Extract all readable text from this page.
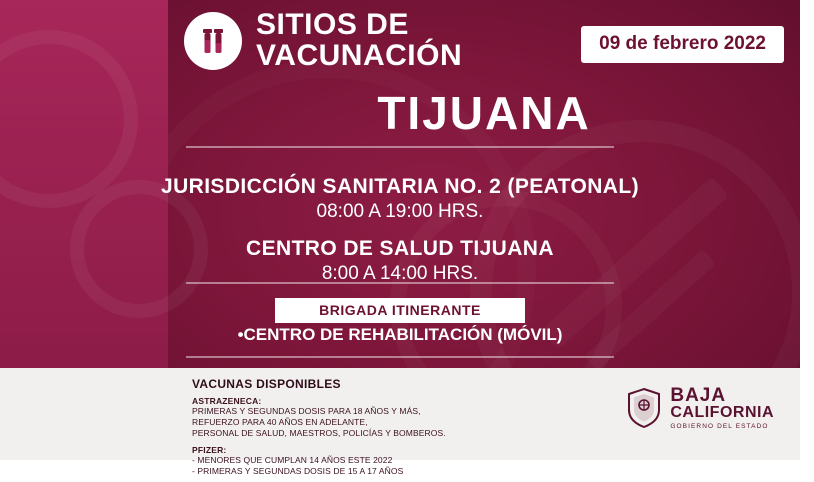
SITIOS DE
VACUNACIÓN	09 de febrero 2022
TIJUANA
JURISDICCIÓN SANITARIA NO. 2 (PEATONAL)
08:00 A 19:00 HRS.
CENTRO DE SALUD TIJUANA
8:00 A 14:00 HRS.
BRIGADA ITINERANTE
•CENTRO DE REHABILITACIÓN (MÓVIL)
VACUNAS DISPONIBLES
ASTRAZENECA:
PRIMERAS Y SEGUNDAS DOSIS PARA 18 AÑOS Y MÁS,
REFUERZO PARA 40 AÑOS EN ADELANTE,
PERSONAL DE SALUD, MAESTROS, POLICÍAS Y BOMBEROS.
PFIZER:
- MENORES QUE CUMPLAN 14 AÑOS ESTE 2022
- PRIMERAS Y SEGUNDAS DOSIS DE 15 A 17 AÑOS
BAJA
CALIFORNIA
GOBIERNO DEL ESTADO
